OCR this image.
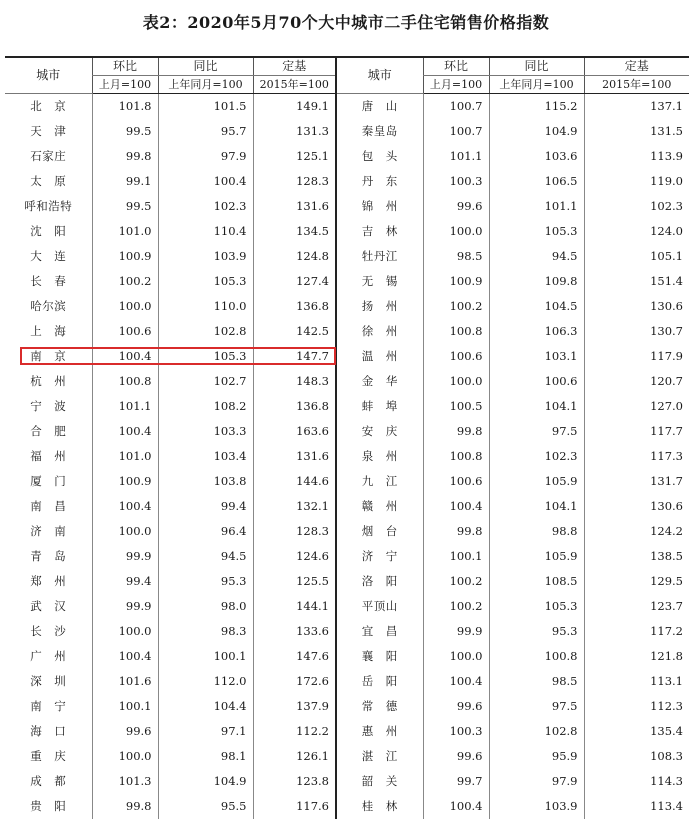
表2：2020年5月70个大中城市二手住宅销售价格指数
城市	环比	同比	定基	城市	环比	同比	定基
	上月=100	上年同月=100	2015年=100		上月=100	上年同月=100	2015年=100
北　京	101.8	101.5	149.1	唐　山	100.7	115.2	137.1
天　津	99.5	95.7	131.3	秦皇岛	100.7	104.9	131.5
石家庄	99.8	97.9	125.1	包　头	101.1	103.6	113.9
太　原	99.1	100.4	128.3	丹　东	100.3	106.5	119.0
呼和浩特	99.5	102.3	131.6	锦　州	99.6	101.1	102.3
沈　阳	101.0	110.4	134.5	吉　林	100.0	105.3	124.0
大　连	100.9	103.9	124.8	牡丹江	98.5	94.5	105.1
长　春	100.2	105.3	127.4	无　锡	100.9	109.8	151.4
哈尔滨	100.0	110.0	136.8	扬　州	100.2	104.5	130.6
上　海	100.6	102.8	142.5	徐　州	100.8	106.3	130.7
南　京	100.4	105.3	147.7	温　州	100.6	103.1	117.9
杭　州	100.8	102.7	148.3	金　华	100.0	100.6	120.7
宁　波	101.1	108.2	136.8	蚌　埠	100.5	104.1	127.0
合　肥	100.4	103.3	163.6	安　庆	99.8	97.5	117.7
福　州	101.0	103.4	131.6	泉　州	100.8	102.3	117.3
厦　门	100.9	103.8	144.6	九　江	100.6	105.9	131.7
南　昌	100.4	99.4	132.1	赣　州	100.4	104.1	130.6
济　南	100.0	96.4	128.3	烟　台	99.8	98.8	124.2
青　岛	99.9	94.5	124.6	济　宁	100.1	105.9	138.5
郑　州	99.4	95.3	125.5	洛　阳	100.2	108.5	129.5
武　汉	99.9	98.0	144.1	平顶山	100.2	105.3	123.7
长　沙	100.0	98.3	133.6	宜　昌	99.9	95.3	117.2
广　州	100.4	100.1	147.6	襄　阳	100.0	100.8	121.8
深　圳	101.6	112.0	172.6	岳　阳	100.4	98.5	113.1
南　宁	100.1	104.4	137.9	常　德	99.6	97.5	112.3
海　口	99.6	97.1	112.2	惠　州	100.3	102.8	135.4
重　庆	100.0	98.1	126.1	湛　江	99.6	95.9	108.3
成　都	101.3	104.9	123.8	韶　关	99.7	97.9	114.3
贵　阳	99.8	95.5	117.6	桂　林	100.4	103.9	113.4
